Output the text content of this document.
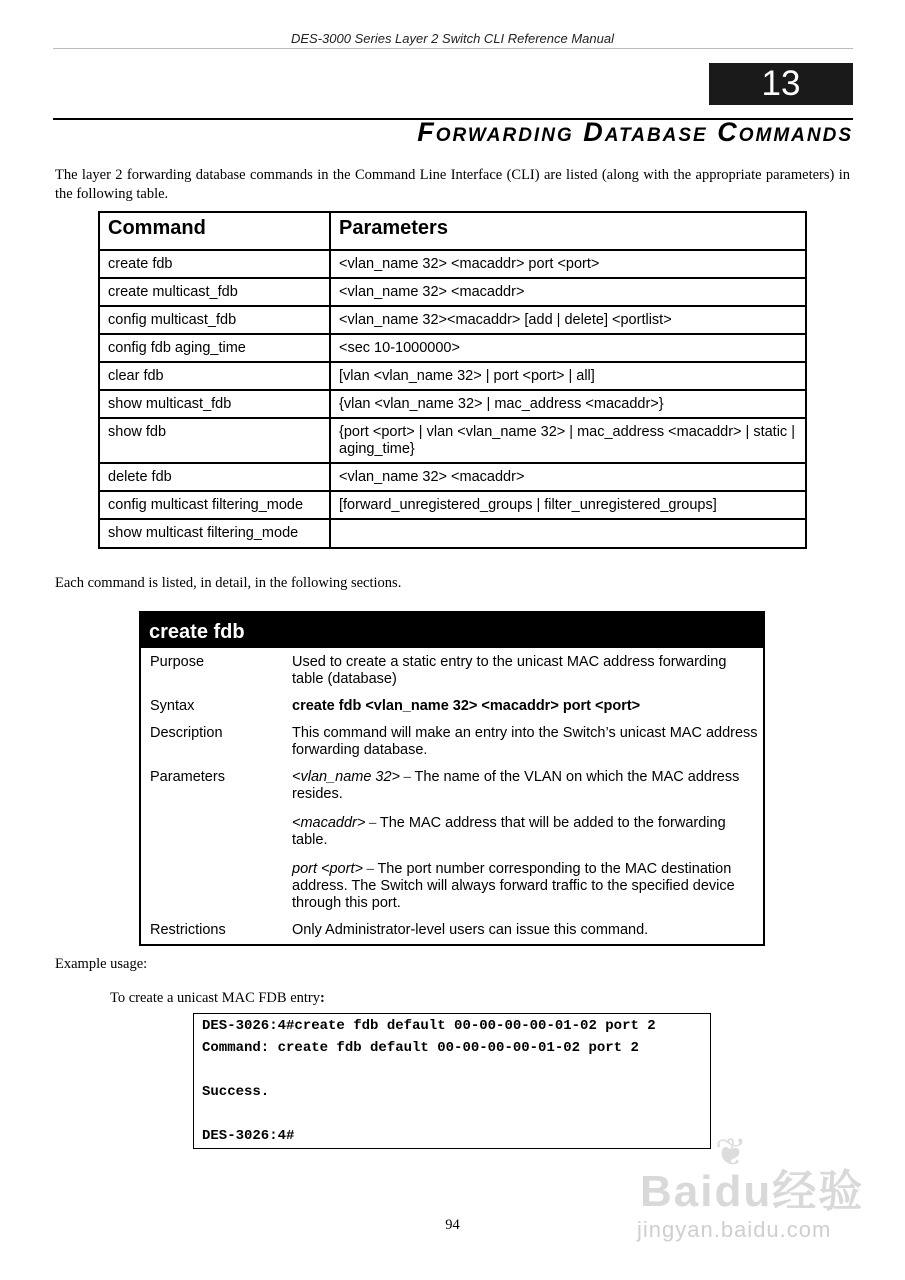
DES-3000 Series Layer 2 Switch CLI Reference Manual
13
Forwarding Database Commands
The layer 2 forwarding database commands in the Command Line Interface (CLI) are listed (along with the appropriate parameters) in the following table.
Command	Parameters
create fdb	<vlan_name 32> <macaddr> port <port>
create multicast_fdb	<vlan_name 32> <macaddr>
config multicast_fdb	<vlan_name 32><macaddr> [add | delete] <portlist>
config fdb aging_time	<sec 10-1000000>
clear fdb	[vlan <vlan_name 32> | port <port> | all]
show multicast_fdb	{vlan <vlan_name 32> | mac_address <macaddr>}
show fdb	{port <port> | vlan <vlan_name 32> | mac_address <macaddr> | static | aging_time}
delete fdb	<vlan_name 32> <macaddr>
config multicast filtering_mode	[forward_unregistered_groups | filter_unregistered_groups]
show multicast filtering_mode	
Each command is listed, in detail, in the following sections.
create fdb
Purpose	Used to create a static entry to the unicast MAC address forwarding table (database)
Syntax	create fdb <vlan_name 32> <macaddr> port <port>
Description	This command will make an entry into the Switch’s unicast MAC address forwarding database.
Parameters	<vlan_name 32> – The name of the VLAN on which the MAC address resides.
<macaddr> – The MAC address that will be added to the forwarding table.
port <port> – The port number corresponding to the MAC destination address. The Switch will always forward traffic to the specified device through this port.
Restrictions	Only Administrator-level users can issue this command.
Example usage:
To create a unicast MAC FDB entry:
DES-3026:4#create fdb default 00-00-00-00-01-02 port 2
Command: create fdb default 00-00-00-00-01-02 port 2
Success.
DES-3026:4#
94
❦
Baidu经验
jingyan.baidu.com
